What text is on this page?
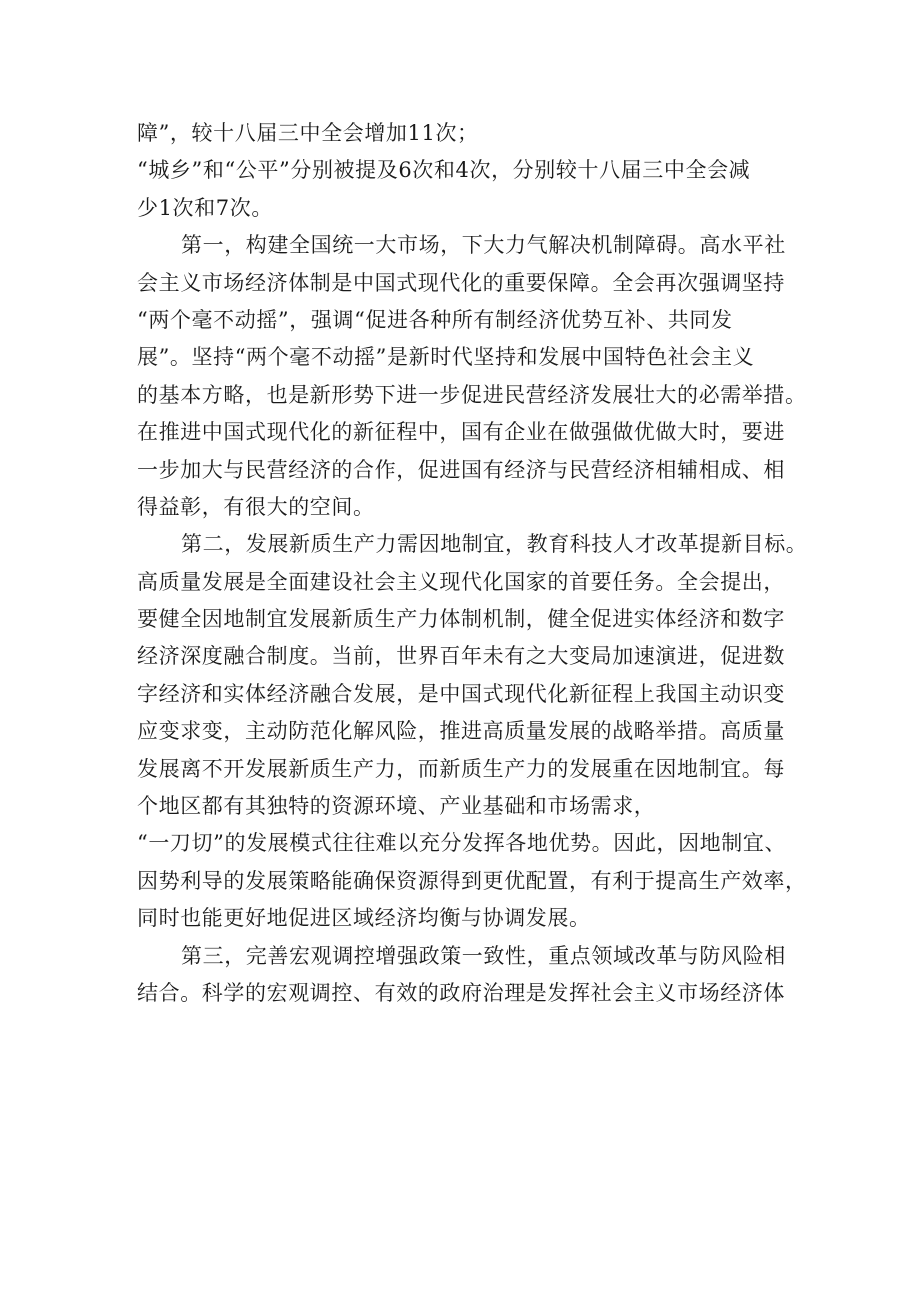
障”，较十八届三中全会增加11次；
“城乡”和“公平”分别被提及6次和4次，分别较十八届三中全会减
少1次和7次。
第一，构建全国统一大市场，下大力气解决机制障碍。高水平社
会主义市场经济体制是中国式现代化的重要保障。全会再次强调坚持
“两个毫不动摇”，强调“促进各种所有制经济优势互补、共同发
展”。坚持“两个毫不动摇”是新时代坚持和发展中国特色社会主义
的基本方略，也是新形势下进一步促进民营经济发展壮大的必需举措。
在推进中国式现代化的新征程中，国有企业在做强做优做大时，要进
一步加大与民营经济的合作，促进国有经济与民营经济相辅相成、相
得益彰，有很大的空间。
第二，发展新质生产力需因地制宜，教育科技人才改革提新目标。
高质量发展是全面建设社会主义现代化国家的首要任务。全会提出，
要健全因地制宜发展新质生产力体制机制，健全促进实体经济和数字
经济深度融合制度。当前，世界百年未有之大变局加速演进，促进数
字经济和实体经济融合发展，是中国式现代化新征程上我国主动识变
应变求变，主动防范化解风险，推进高质量发展的战略举措。高质量
发展离不开发展新质生产力，而新质生产力的发展重在因地制宜。每
个地区都有其独特的资源环境、产业基础和市场需求，
“一刀切”的发展模式往往难以充分发挥各地优势。因此，因地制宜、
因势利导的发展策略能确保资源得到更优配置，有利于提高生产效率，
同时也能更好地促进区域经济均衡与协调发展。
第三，完善宏观调控增强政策一致性，重点领域改革与防风险相
结合。科学的宏观调控、有效的政府治理是发挥社会主义市场经济体
